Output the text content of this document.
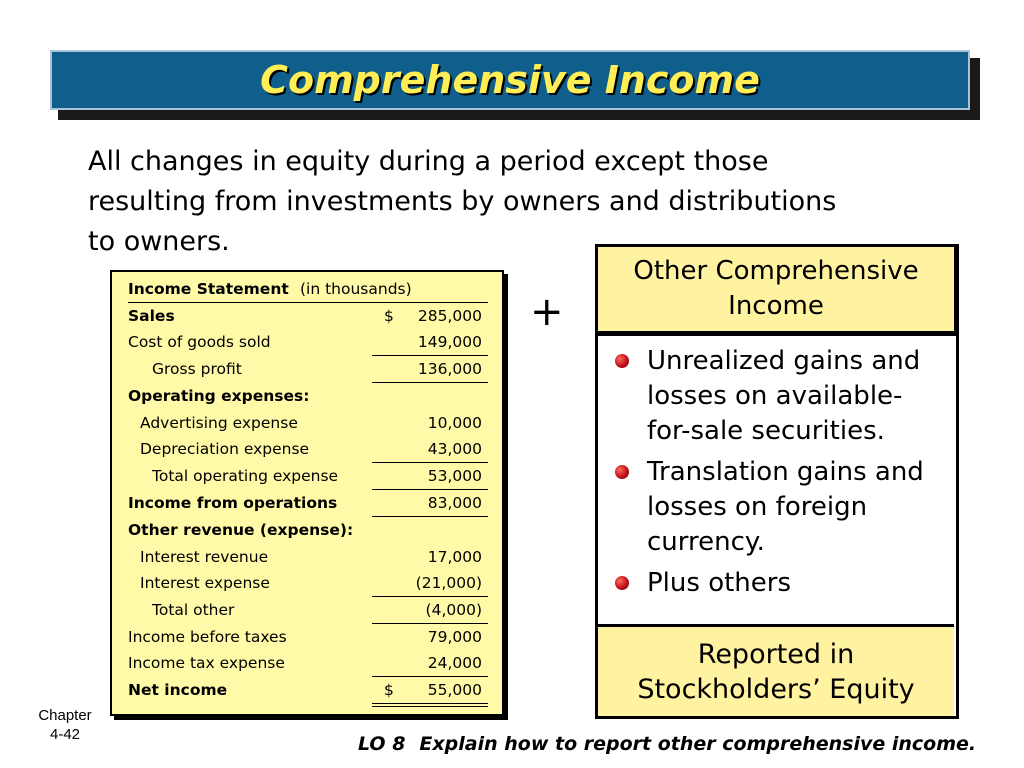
Comprehensive Income
All changes in equity during a period except those
resulting from investments by owners and distributions
to owners.
Income Statement (in thousands)
Sales	$ 285,000
Cost of goods sold	149,000
Gross profit	136,000
Operating expenses:
Advertising expense	10,000
Depreciation expense	43,000
Total operating expense	53,000
Income from operations	83,000
Other revenue (expense):
Interest revenue	17,000
Interest expense	(21,000)
Total other	(4,000)
Income before taxes	79,000
Income tax expense	24,000
Net income	$ 55,000
+
Other Comprehensive
Income
Unrealized gains and
losses on available-
for-sale securities.
Translation gains and
losses on foreign
currency.
Plus others
Reported in
Stockholders’ Equity
Chapter
4-42	LO 8 Explain how to report other comprehensive income.
